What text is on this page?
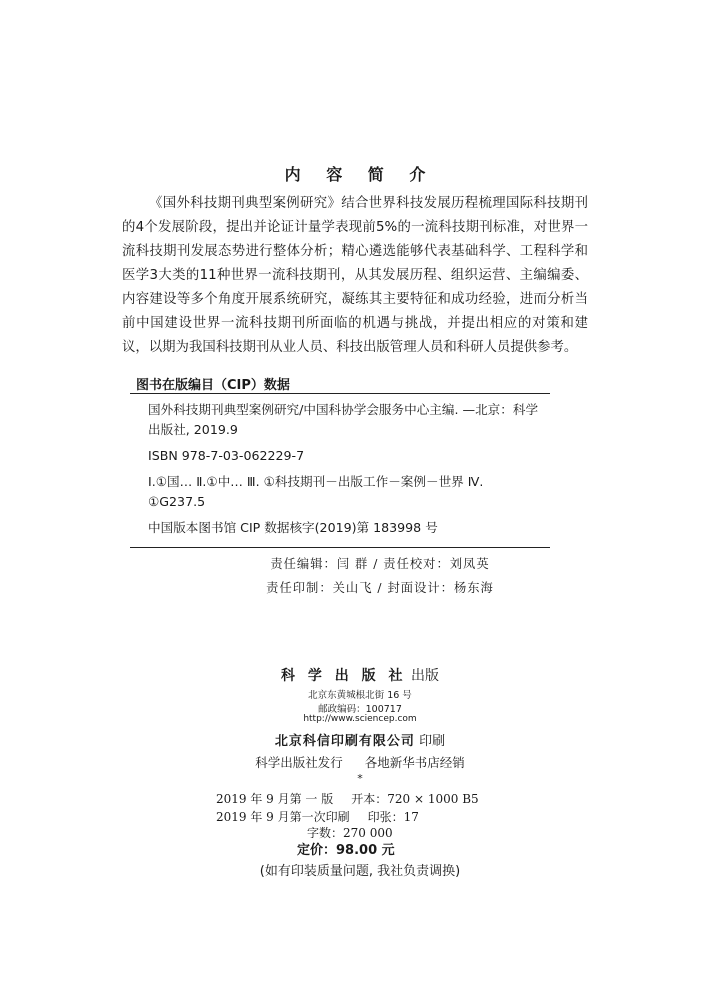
内 容 简 介

《国外科技期刊典型案例研究》结合世界科技发展历程梳理国际科技期刊的4个发展阶段，提出并论证计量学表现前5%的一流科技期刊标准，对世界一流科技期刊发展态势进行整体分析；精心遴选能够代表基础科学、工程科学和医学3大类的11种世界一流科技期刊，从其发展历程、组织运营、主编编委、内容建设等多个角度开展系统研究，凝练其主要特征和成功经验，进而分析当前中国建设世界一流科技期刊所面临的机遇与挑战，并提出相应的对策和建议，以期为我国科技期刊从业人员、科技出版管理人员和科研人员提供参考。

图书在版编目（CIP）数据

国外科技期刊典型案例研究/中国科协学会服务中心主编. —北京：科学出版社, 2019.9

ISBN 978-7-03-062229-7

Ⅰ.①国… Ⅱ.①中… Ⅲ. ①科技期刊－出版工作－案例－世界 Ⅳ. ①G237.5

中国版本图书馆 CIP 数据核字(2019)第 183998 号

责任编辑：闫 群 / 责任校对：刘凤英
责任印制：关山飞 / 封面设计：杨东海
科 学 出 版 社 出版
北京东黄城根北街 16 号
邮政编码：100717
http://www.sciencep.com
北京科信印刷有限公司 印刷
科学出版社发行 各地新华书店经销
*
2019 年 9 月第 一 版 开本：720 × 1000 B5
2019 年 9 月第一次印刷 印张：17
字数：270 000
定价：98.00 元
(如有印装质量问题, 我社负责调换)
